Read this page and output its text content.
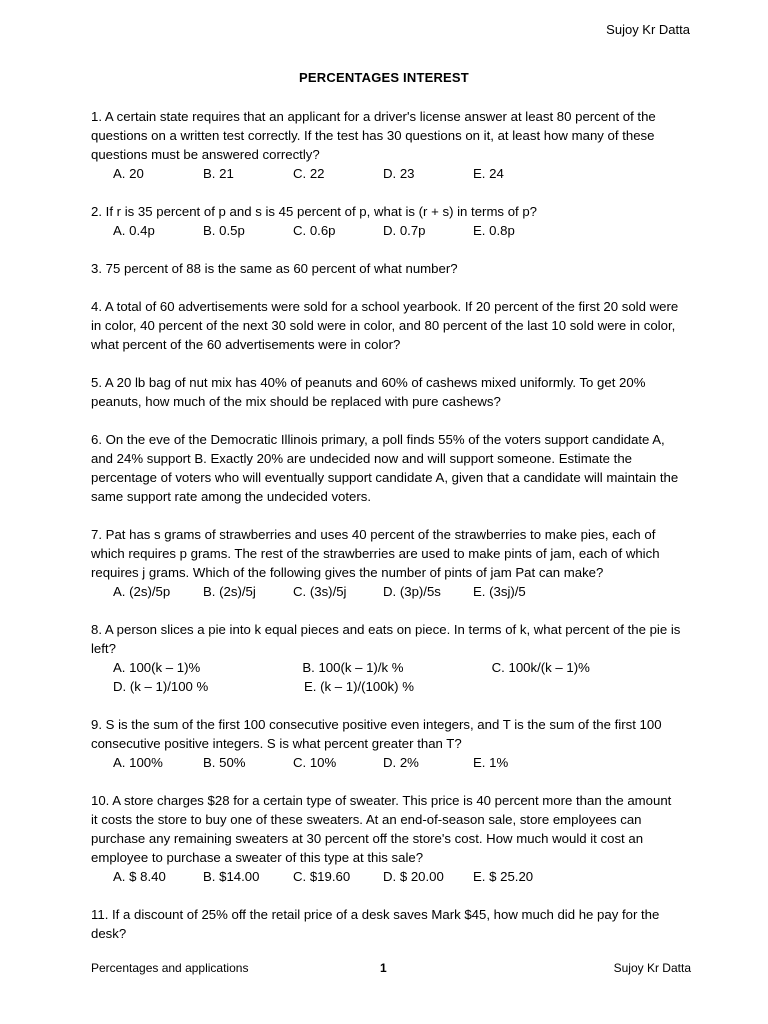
Sujoy Kr Datta
PERCENTAGES INTEREST
1. A certain state requires that an applicant for a driver's license answer at least 80 percent of the questions on a written test correctly. If the test has 30 questions on it, at least how many of these questions must be answered correctly?
A. 20	B. 21	C. 22	D. 23	E. 24
2. If r is 35 percent of p and s is 45 percent of p, what is (r + s) in terms of p?
A. 0.4p	B. 0.5p	C. 0.6p	D. 0.7p	E. 0.8p
3. 75 percent of 88 is the same as 60 percent of what number?
4. A total of 60 advertisements were sold for a school yearbook. If 20 percent of the first 20 sold were in color, 40 percent of the next 30 sold were in color, and 80 percent of the last 10 sold were in color, what percent of the 60 advertisements were in color?
5. A 20 lb bag of nut mix has 40% of peanuts and 60% of cashews mixed uniformly. To get 20% peanuts, how much of the mix should be replaced with pure cashews?
6. On the eve of the Democratic Illinois primary, a poll finds 55% of the voters support candidate A, and 24% support B. Exactly 20% are undecided now and will support someone. Estimate the percentage of voters who will eventually support candidate A, given that a candidate will maintain the same support rate among the undecided voters.
7. Pat has s grams of strawberries and uses 40 percent of the strawberries to make pies, each of which requires p grams. The rest of the strawberries are used to make pints of jam, each of which requires j grams. Which of the following gives the number of pints of jam Pat can make?
A. (2s)/5p	B. (2s)/5j	C. (3s)/5j	D. (3p)/5s	E. (3sj)/5
8. A person slices a pie into k equal pieces and eats on piece. In terms of k, what percent of the pie is left?
A. 100(k – 1)%	B. 100(k – 1)/k %	C. 100k/(k – 1)%
D. (k – 1)/100 %	E. (k – 1)/(100k) %
9. S is the sum of the first 100 consecutive positive even integers, and T is the sum of the first 100 consecutive positive integers. S is what percent greater than T?
A. 100%	B. 50%	C. 10%	D. 2%	E. 1%
10. A store charges $28 for a certain type of sweater. This price is 40 percent more than the amount it costs the store to buy one of these sweaters. At an end-of-season sale, store employees can purchase any remaining sweaters at 30 percent off the store's cost. How much would it cost an employee to purchase a sweater of this type at this sale?
A. $ 8.40	B. $14.00	C. $19.60	D. $ 20.00	E. $ 25.20
11. If a discount of 25% off the retail price of a desk saves Mark $45, how much did he pay for the desk?
Percentages and applications	1	Sujoy Kr Datta
